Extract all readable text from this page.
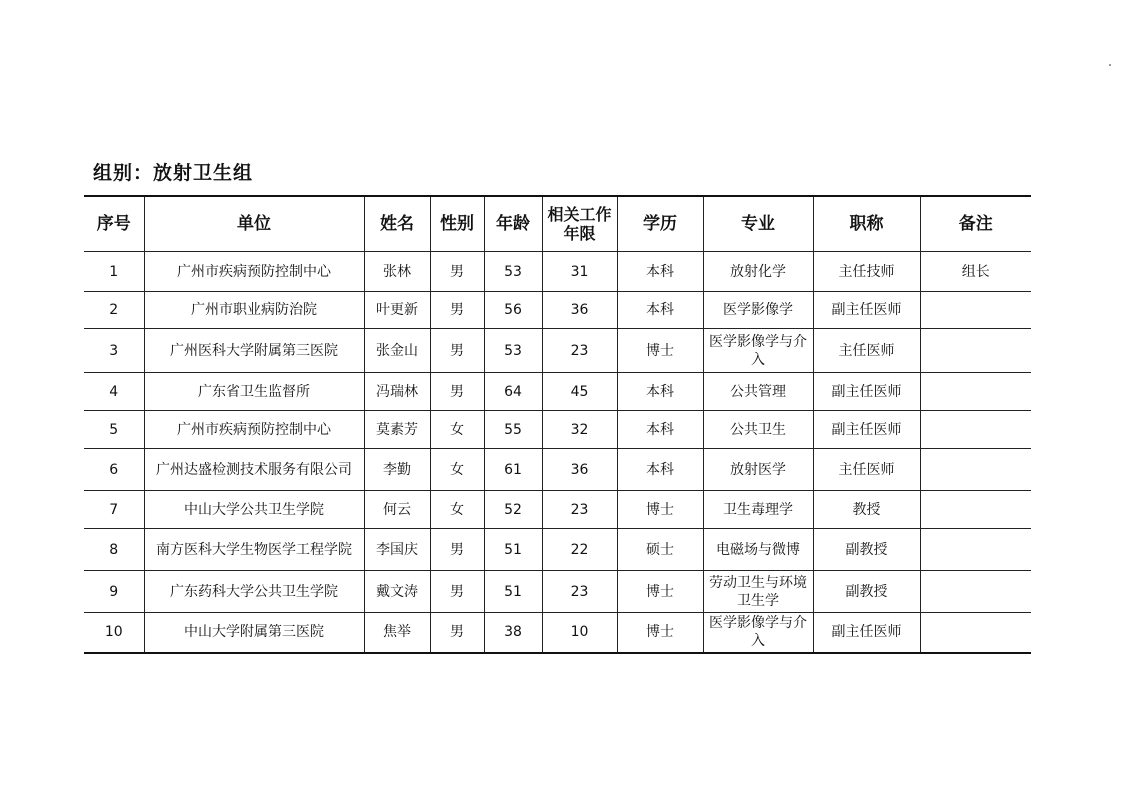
组别：放射卫生组
序号	单位	姓名	性别	年龄	相关工作年限	学历	专业	职称	备注
1	广州市疾病预防控制中心	张林	男	53	31	本科	放射化学	主任技师	组长
2	广州市职业病防治院	叶更新	男	56	36	本科	医学影像学	副主任医师	
3	广州医科大学附属第三医院	张金山	男	53	23	博士	医学影像学与介入	主任医师	
4	广东省卫生监督所	冯瑞林	男	64	45	本科	公共管理	副主任医师	
5	广州市疾病预防控制中心	莫素芳	女	55	32	本科	公共卫生	副主任医师	
6	广州达盛检测技术服务有限公司	李勤	女	61	36	本科	放射医学	主任医师	
7	中山大学公共卫生学院	何云	女	52	23	博士	卫生毒理学	教授	
8	南方医科大学生物医学工程学院	李国庆	男	51	22	硕士	电磁场与微博	副教授	
9	广东药科大学公共卫生学院	戴文涛	男	51	23	博士	劳动卫生与环境卫生学	副教授	
10	中山大学附属第三医院	焦举	男	38	10	博士	医学影像学与介入	副主任医师	
